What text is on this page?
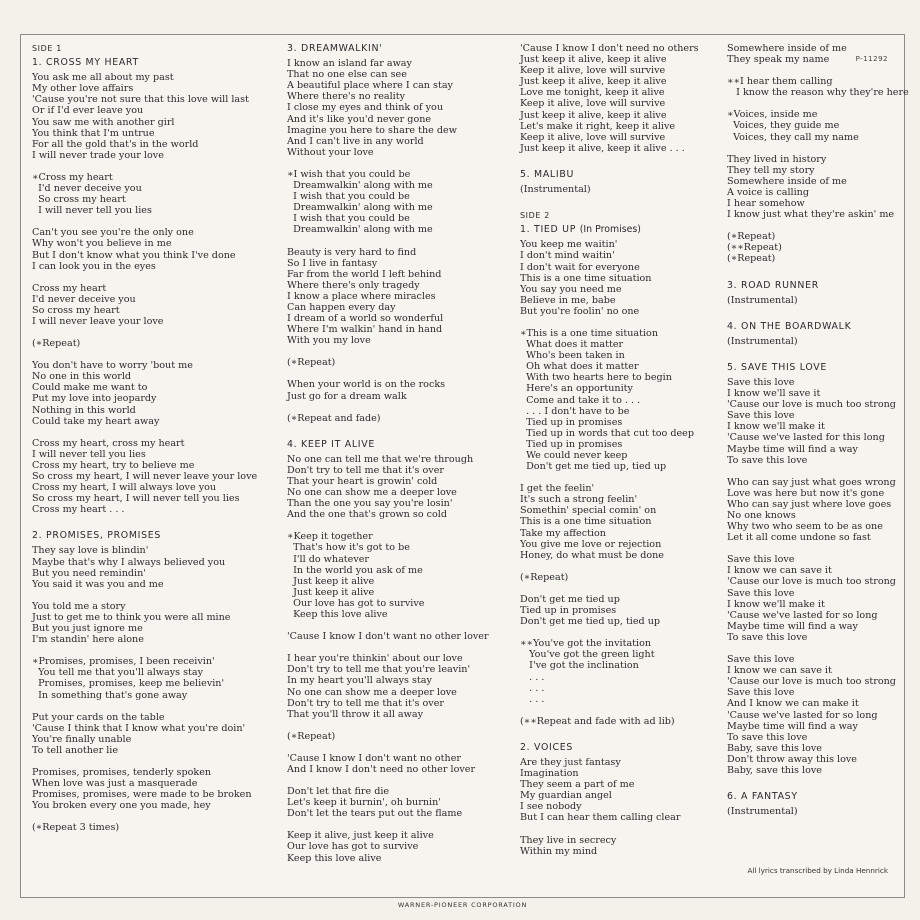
P-11292
SIDE 1
1. CROSS MY HEART
You ask me all about my past
My other love affairs
'Cause you're not sure that this love will last
Or if I'd ever leave you
You saw me with another girl
You think that I'm untrue
For all the gold that's in the world
I will never trade your love
∗Cross my heart
I'd never deceive you
So cross my heart
I will never tell you lies
Can't you see you're the only one
Why won't you believe in me
But I don't know what you think I've done
I can look you in the eyes
Cross my heart
I'd never deceive you
So cross my heart
I will never leave your love
(∗Repeat)
You don't have to worry 'bout me
No one in this world
Could make me want to
Put my love into jeopardy
Nothing in this world
Could take my heart away
Cross my heart, cross my heart
I will never tell you lies
Cross my heart, try to believe me
So cross my heart, I will never leave your love
Cross my heart, I will always love you
So cross my heart, I will never tell you lies
Cross my heart . . .
2. PROMISES, PROMISES
They say love is blindin'
Maybe that's why I always believed you
But you need remindin'
You said it was you and me
You told me a story
Just to get me to think you were all mine
But you just ignore me
I'm standin' here alone
∗Promises, promises, I been receivin'
You tell me that you'll always stay
Promises, promises, keep me believin'
In something that's gone away
Put your cards on the table
'Cause I think that I know what you're doin'
You're finally unable
To tell another lie
Promises, promises, tenderly spoken
When love was just a masquerade
Promises, promises, were made to be broken
You broken every one you made, hey
(∗Repeat 3 times)
3. DREAMWALKIN'
I know an island far away
That no one else can see
A beautiful place where I can stay
Where there's no reality
I close my eyes and think of you
And it's like you'd never gone
Imagine you here to share the dew
And I can't live in any world
Without your love
∗I wish that you could be
Dreamwalkin' along with me
I wish that you could be
Dreamwalkin' along with me
I wish that you could be
Dreamwalkin' along with me
Beauty is very hard to find
So I live in fantasy
Far from the world I left behind
Where there's only tragedy
I know a place where miracles
Can happen every day
I dream of a world so wonderful
Where I'm walkin' hand in hand
With you my love
(∗Repeat)
When your world is on the rocks
Just go for a dream walk
(∗Repeat and fade)
4. KEEP IT ALIVE
No one can tell me that we're through
Don't try to tell me that it's over
That your heart is growin' cold
No one can show me a deeper love
Than the one you say you're losin'
And the one that's grown so cold
∗Keep it together
That's how it's got to be
I'll do whatever
In the world you ask of me
Just keep it alive
Just keep it alive
Our love has got to survive
Keep this love alive
'Cause I know I don't want no other lover
I hear you're thinkin' about our love
Don't try to tell me that you're leavin'
In my heart you'll always stay
No one can show me a deeper love
Don't try to tell me that it's over
That you'll throw it all away
(∗Repeat)
'Cause I know I don't want no other
And I know I don't need no other lover
Don't let that fire die
Let's keep it burnin', oh burnin'
Don't let the tears put out the flame
Keep it alive, just keep it alive
Our love has got to survive
Keep this love alive
'Cause I know I don't need no others
Just keep it alive, keep it alive
Keep it alive, love will survive
Just keep it alive, keep it alive
Love me tonight, keep it alive
Keep it alive, love will survive
Just keep it alive, keep it alive
Let's make it right, keep it alive
Keep it alive, love will survive
Just keep it alive, keep it alive . . .
5. MALIBU
(Instrumental)
SIDE 2
1. TIED UP (In Promises)
You keep me waitin'
I don't mind waitin'
I don't wait for everyone
This is a one time situation
You say you need me
Believe in me, babe
But you're foolin' no one
∗This is a one time situation
What does it matter
Who's been taken in
Oh what does it matter
With two hearts here to begin
Here's an opportunity
Come and take it to . . .
. . . I don't have to be
Tied up in promises
Tied up in words that cut too deep
Tied up in promises
We could never keep
Don't get me tied up, tied up
I get the feelin'
It's such a strong feelin'
Somethin' special comin' on
This is a one time situation
Take my affection
You give me love or rejection
Honey, do what must be done
(∗Repeat)
Don't get me tied up
Tied up in promises
Don't get me tied up, tied up
∗∗You've got the invitation
You've got the green light
I've got the inclination
. . .
. . .
. . .
(∗∗Repeat and fade with ad lib)
2. VOICES
Are they just fantasy
Imagination
They seem a part of me
My guardian angel
I see nobody
But I can hear them calling clear
They live in secrecy
Within my mind
Somewhere inside of me
They speak my name
∗∗I hear them calling
I know the reason why they're here
∗Voices, inside me
Voices, they guide me
Voices, they call my name
They lived in history
They tell my story
Somewhere inside of me
A voice is calling
I hear somehow
I know just what they're askin' me
(∗Repeat)
(∗∗Repeat)
(∗Repeat)
3. ROAD RUNNER
(Instrumental)
4. ON THE BOARDWALK
(Instrumental)
5. SAVE THIS LOVE
Save this love
I know we'll save it
'Cause our love is much too strong
Save this love
I know we'll make it
'Cause we've lasted for this long
Maybe time will find a way
To save this love
Who can say just what goes wrong
Love was here but now it's gone
Who can say just where love goes
No one knows
Why two who seem to be as one
Let it all come undone so fast
Save this love
I know we can save it
'Cause our love is much too strong
Save this love
I know we'll make it
'Cause we've lasted for so long
Maybe time will find a way
To save this love
Save this love
I know we can save it
'Cause our love is much too strong
Save this love
And I know we can make it
'Cause we've lasted for so long
Maybe time will find a way
To save this love
Baby, save this love
Don't throw away this love
Baby, save this love
6. A FANTASY
(Instrumental)
All lyrics transcribed by Linda Hennrick
WARNER-PIONEER CORPORATION
